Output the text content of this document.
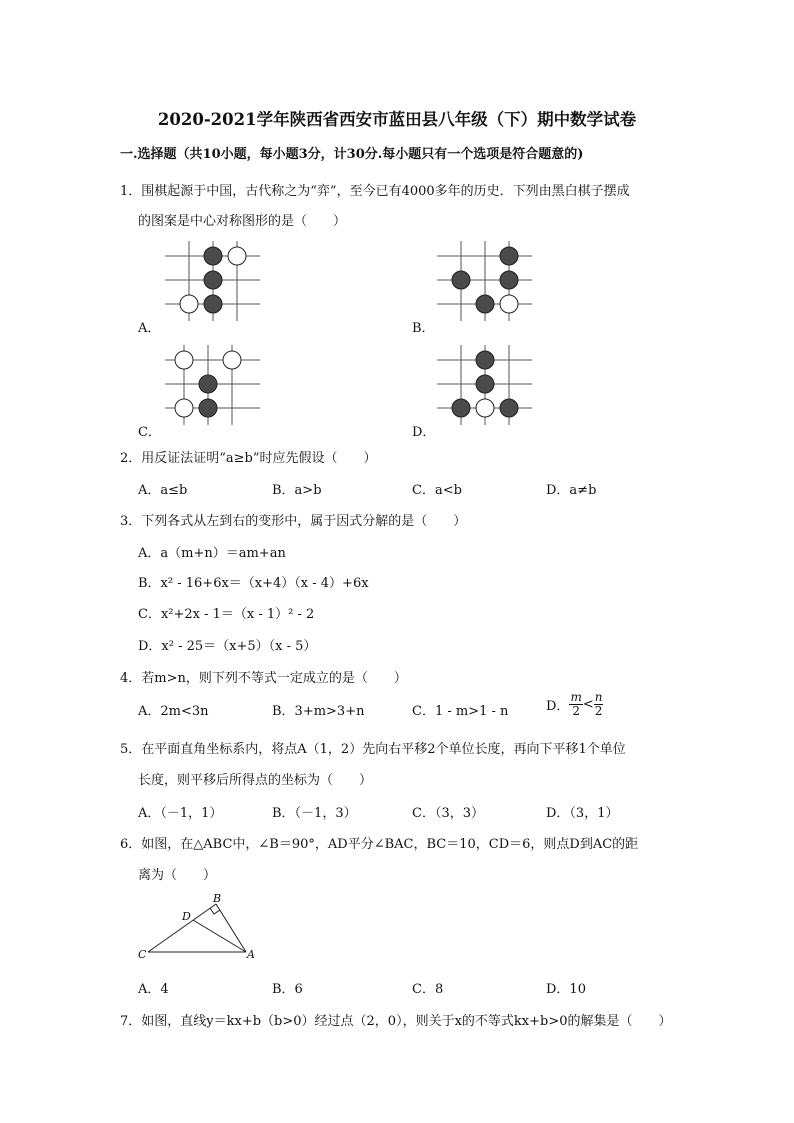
2020-2021学年陕西省西安市蓝田县八年级（下）期中数学试卷
一.选择题（共10小题，每小题3分，计30分.每小题只有一个选项是符合题意的)
1．围棋起源于中国，古代称之为“弈”，至今已有4000多年的历史．下列由黑白棋子摆成
的图案是中心对称图形的是（　　）
A．	B．
C．	D．
2．用反证法证明“a≥b”时应先假设（　　）
A．a≤b	B．a>b	C．a<b	D．a≠b
3．下列各式从左到右的变形中，属于因式分解的是（　　）
A．a（m+n）＝am+an
B．x² - 16+6x＝（x+4）（x - 4）+6x
C．x²+2x - 1＝（x - 1）² - 2
D．x² - 25＝（x+5）（x - 5）
4．若m>n，则下列不等式一定成立的是（　　）
A．2m<3n	B．3+m>3+n	C．1 - m>1 - n	D． $\frac{m}{2} < \frac{n}{2}$
5．在平面直角坐标系内，将点A（1，2）先向右平移2个单位长度，再向下平移1个单位
长度，则平移后所得点的坐标为（　　）
A．（－1，1）	B．（－1，3）	C．（3，3）	D．（3，1）
6．如图，在△ABC中，∠B＝90°，AD平分∠BAC，BC＝10，CD＝6，则点D到AC的距
离为（　　）
B
D
C	A
A．4	B．6	C．8	D．10
7．如图，直线y＝kx+b（b>0）经过点（2，0），则关于x的不等式kx+b>0的解集是（　　）
